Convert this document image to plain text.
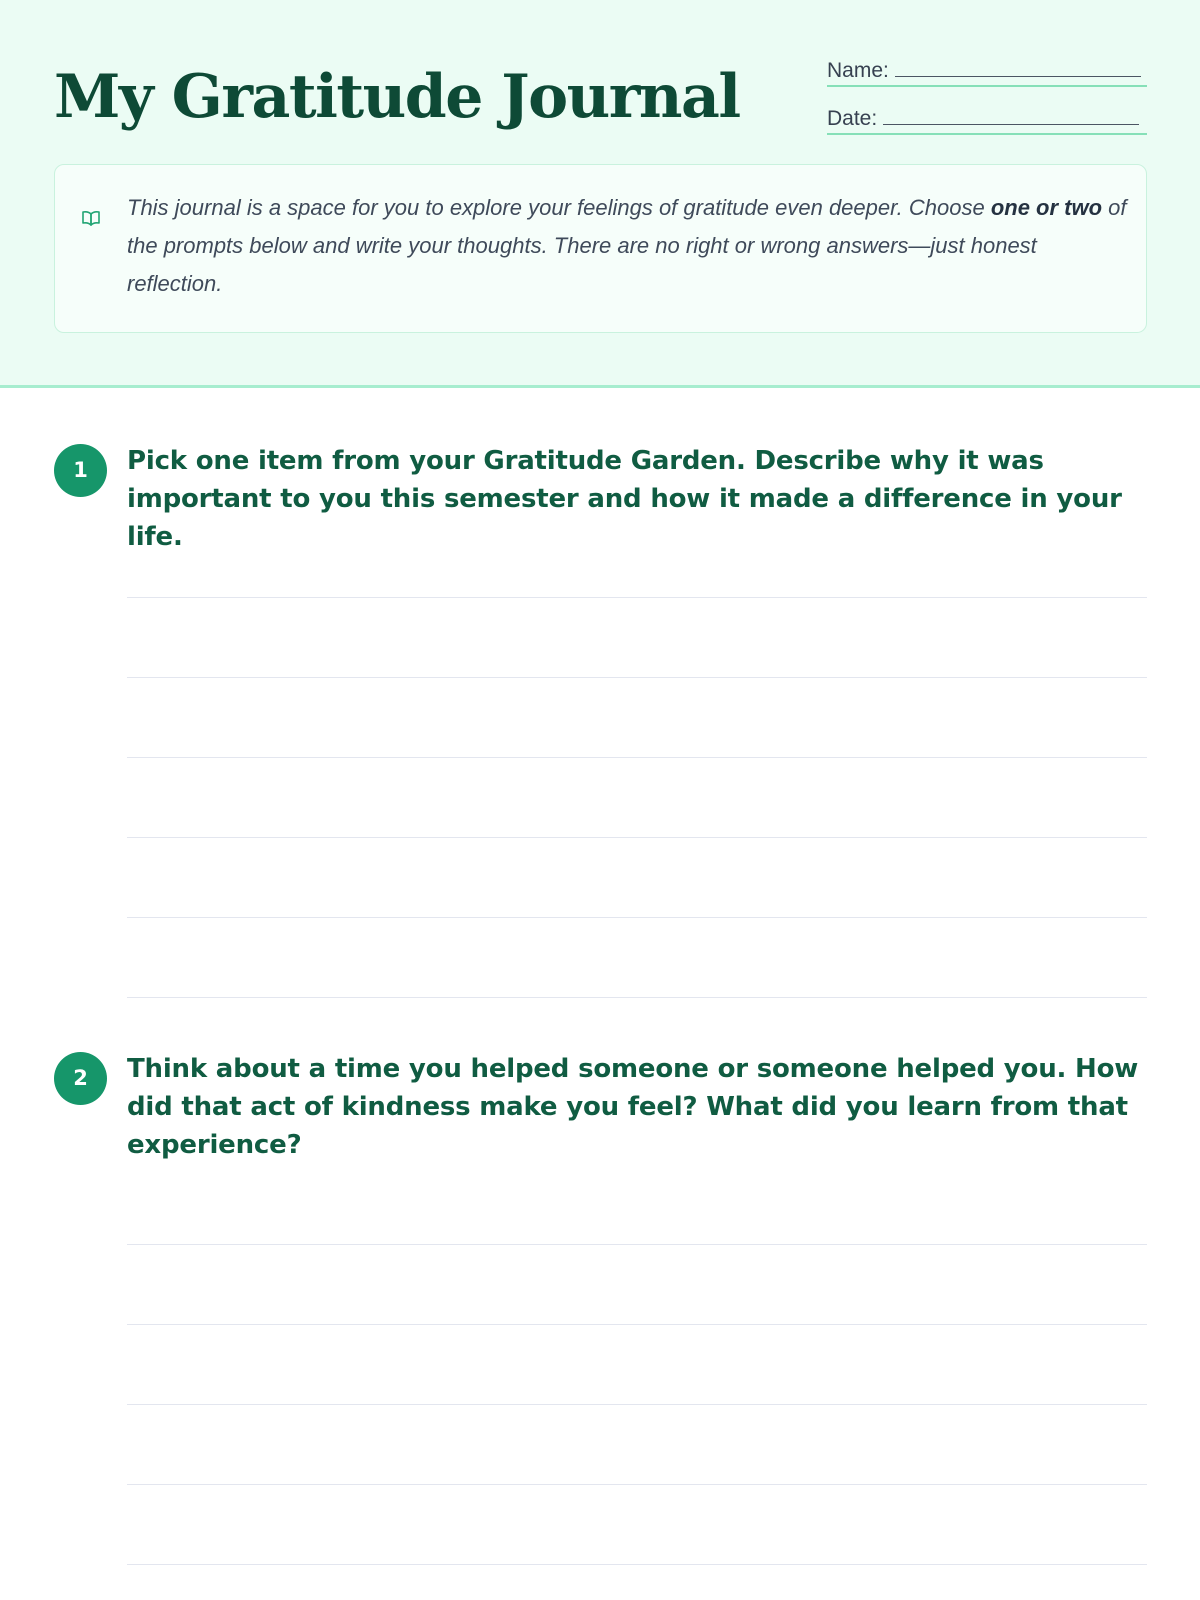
My Gratitude Journal	Name:
Date:

This journal is a space for you to explore your feelings of gratitude even deeper. Choose one or two of the prompts below and write your thoughts. There are no right or wrong answers—just honest reflection.

1	Pick one item from your Gratitude Garden. Describe why it was important to you this semester and how it made a difference in your life.

2	Think about a time you helped someone or someone helped you. How did that act of kindness make you feel? What did you learn from that experience?
